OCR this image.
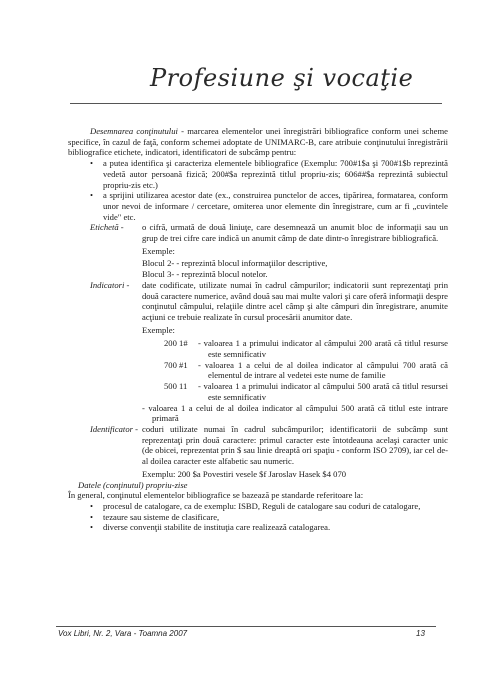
Profesiune şi vocaţie

Desemnarea conţinutului - marcarea elementelor unei înregistrări bibliografice conform unei scheme specifice, în cazul de faţă, conform schemei adoptate de UNIMARC-B, care atribuie conţinutului înregistrării bibliografice etichete, indicatori, identificatori de subcâmp pentru:

• a putea identifica şi caracteriza elementele bibliografice (Exemplu: 700#1$a şi 700#1$b reprezintă vedetă autor persoană fizică; 200#$a reprezintă titlul propriu-zis; 606##$a reprezintă subiectul propriu-zis etc.)
• a sprijini utilizarea acestor date (ex., construirea punctelor de acces, tipărirea, formatarea, conform unor nevoi de informare / cercetare, omiterea unor elemente din înregistrare, cum ar fi „cuvintele vide" etc.
Etichetă -	o cifră, urmată de două liniuţe, care desemnează un anumit bloc de informaţii sau un grup de trei cifre care indică un anumit câmp de date dintr-o înregistrare bibliografică.

Exemple:

Blocul 2- - reprezintă blocul informaţiilor descriptive,

Blocul 3- - reprezintă blocul notelor.

Indicatori -	date codificate, utilizate numai în cadrul câmpurilor; indicatorii sunt reprezentaţi prin două caractere numerice, având două sau mai multe valori şi care oferă informaţii despre conţinutul câmpului, relaţiile dintre acel câmp şi alte câmpuri din înregistrare, anumite acţiuni ce trebuie realizate în cursul procesării anumitor date.

Exemple:

200 1#	- valoarea 1 a primului indicator al câmpului 200 arată că titlul resurse este semnificativ
700 #1	- valoarea 1 a celui de al doilea indicator al câmpului 700 arată că elementul de intrare al vedetei este nume de familie
500 11	- valoarea 1 a primului indicator al câmpului 500 arată că titlul resursei este semnificativ

- valoarea 1 a celui de al doilea indicator al câmpului 500 arată că titlul este intrare primară

Identificator - coduri utilizate numai în cadrul subcâmpurilor; identificatorii de subcâmp sunt reprezentaţi prin două caractere: primul caracter este întotdeauna acelaşi caracter unic (de obicei, reprezentat prin $ sau linie dreaptă ori spaţiu - conform ISO 2709), iar cel de-al doilea caracter este alfabetic sau numeric.

Exemplu: 200 $a Povestiri vesele $f Jaroslav Hasek $4 070

Datele (conţinutul) propriu-zise

În general, conţinutul elementelor bibliografice se bazează pe standarde referitoare la:

• procesul de catalogare, ca de exemplu: ISBD, Reguli de catalogare sau coduri de catalogare,
• tezaure sau sisteme de clasificare,
• diverse convenţii stabilite de instituţia care realizează catalogarea.
Vox Libri, Nr. 2, Vara - Toamna 2007	13
